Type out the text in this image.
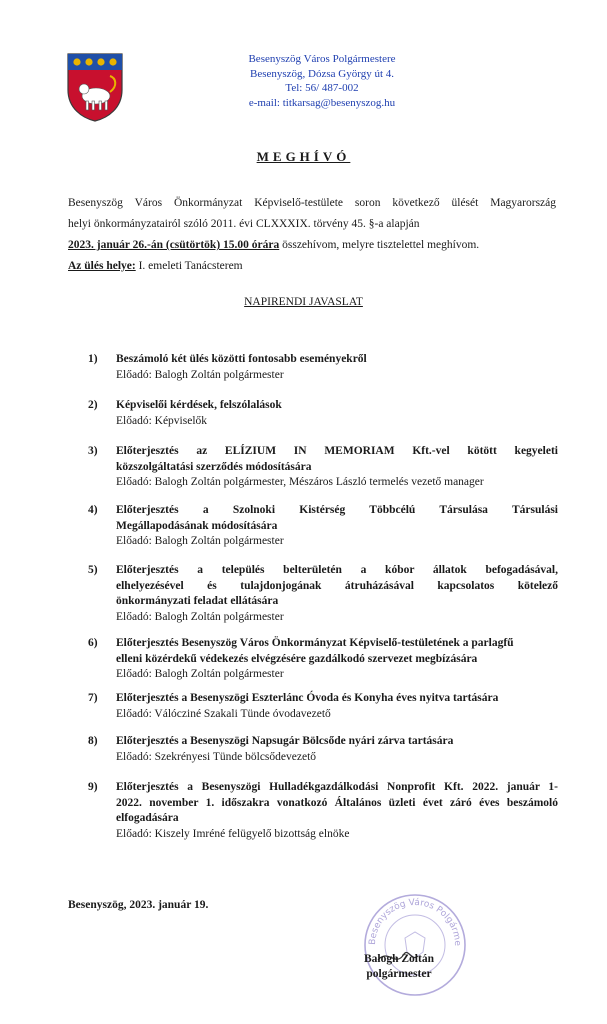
Besenyszög Város Polgármestere
Besenyszög, Dózsa György út 4.
Tel: 56/ 487-002
e-mail: titkarsag@besenyszog.hu
MEGHÍVÓ
Besenyszög Város Önkormányzat Képviselő-testülete soron következő ülését Magyarország
helyi önkormányzatairól szóló 2011. évi CLXXXIX. törvény 45. §-a alapján
2023. január 26.-án (csütörtök) 15.00 órára összehívom, melyre tisztelettel meghívom.
Az ülés helye: I. emeleti Tanácsterem
NAPIRENDI JAVASLAT
1)	Beszámoló két ülés közötti fontosabb eseményekről
Előadó: Balogh Zoltán polgármester
2)	Képviselői kérdések, felszólalások
Előadó: Képviselők
3)	Előterjesztés az ELÍZIUM IN MEMORIAM Kft.-vel kötött kegyeleti
közszolgáltatási szerződés módosítására
Előadó: Balogh Zoltán polgármester, Mészáros László termelés vezető manager
4)	Előterjesztés a Szolnoki Kistérség Többcélú Társulása Társulási
Megállapodásának módosítására
Előadó: Balogh Zoltán polgármester
5)	Előterjesztés a település belterületén a kóbor állatok befogadásával,
elhelyezésével és tulajdonjogának átruházásával kapcsolatos kötelező
önkormányzati feladat ellátására
Előadó: Balogh Zoltán polgármester
6)	Előterjesztés Besenyszög Város Önkormányzat Képviselő-testületének a parlagfű
elleni közérdekű védekezés elvégzésére gazdálkodó szervezet megbízására
Előadó: Balogh Zoltán polgármester
7)	Előterjesztés a Besenyszögi Eszterlánc Óvoda és Konyha éves nyitva tartására
Előadó: Válócziné Szakali Tünde óvodavezető
8)	Előterjesztés a Besenyszögi Napsugár Bölcsőde nyári zárva tartására
Előadó: Szekrényesi Tünde bölcsődevezető
9)	Előterjesztés a Besenyszögi Hulladékgazdálkodási Nonprofit Kft. 2022. január 1-
2022. november 1. időszakra vonatkozó Általános üzleti évet záró éves beszámoló
elfogadására
Előadó: Kiszely Imréné felügyelő bizottság elnöke
Besenyszög, 2023. január 19.
Besenyszög Város Polgárme
Balogh Zoltán
polgármester
